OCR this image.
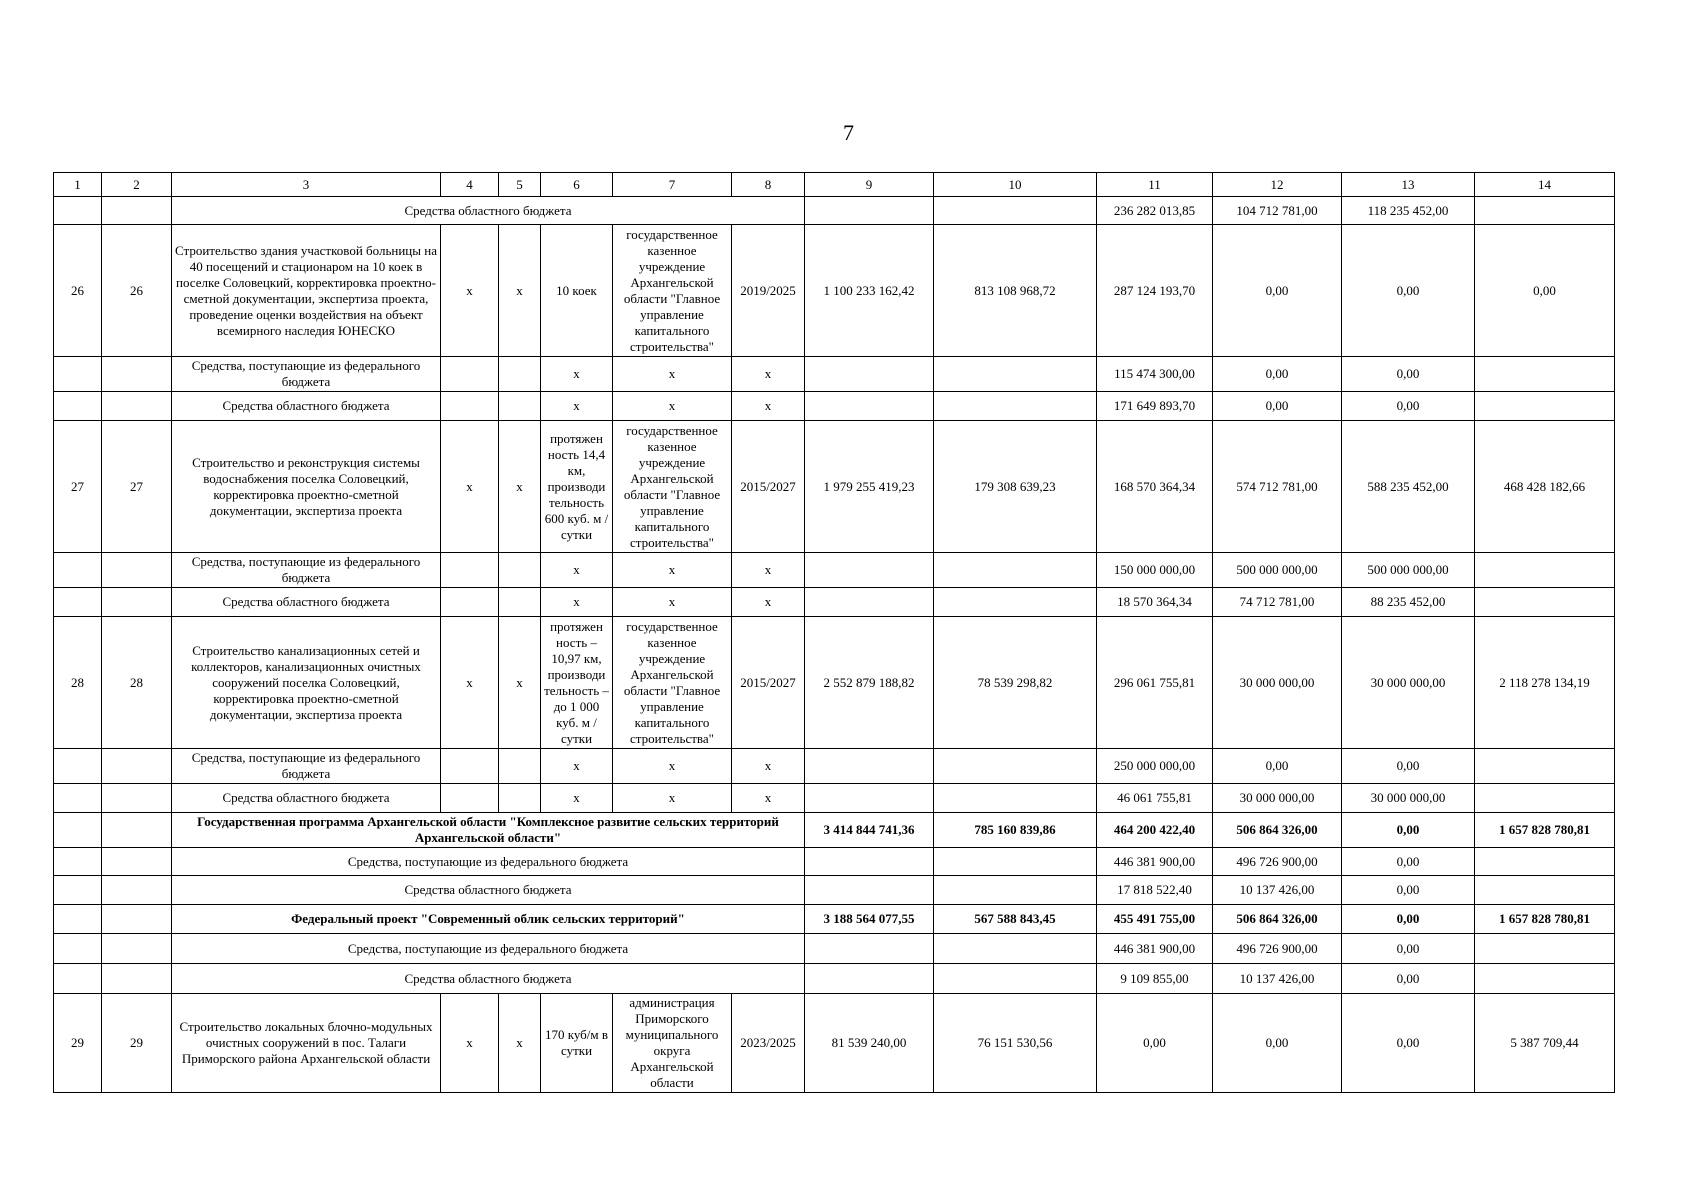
7
1	2	3	4	5	6	7	8	9	10	11	12	13	14
		Средства областного бюджета								236 282 013,85	104 712 781,00	118 235 452,00	
26	26	Строительство здания участковой больницы на 40 посещений и стационаром на 10 коек в поселке Соловецкий, корректировка проектно-сметной документации, экспертиза проекта, проведение оценки воздействия на объект всемирного наследия ЮНЕСКО	x	x	10 коек	государственное казенное учреждение Архангельской области "Главное управление капитального строительства"	2019/2025	1 100 233 162,42	813 108 968,72	287 124 193,70	0,00	0,00	0,00
		Средства, поступающие из федерального бюджета			x	x	x			115 474 300,00	0,00	0,00	
		Средства областного бюджета			x	x	x			171 649 893,70	0,00	0,00	
27	27	Строительство и реконструкция системы водоснабжения поселка Соловецкий, корректировка проектно-сметной документации, экспертиза проекта	x	x	протяжен ность 14,4 км, производи тельность 600 куб. м / сутки	государственное казенное учреждение Архангельской области "Главное управление капитального строительства"	2015/2027	1 979 255 419,23	179 308 639,23	168 570 364,34	574 712 781,00	588 235 452,00	468 428 182,66
		Средства, поступающие из федерального бюджета			x	x	x			150 000 000,00	500 000 000,00	500 000 000,00	
		Средства областного бюджета			x	x	x			18 570 364,34	74 712 781,00	88 235 452,00	
28	28	Строительство канализационных сетей и коллекторов, канализационных очистных сооружений поселка Соловецкий, корректировка проектно-сметной документации, экспертиза проекта	x	x	протяжен ность – 10,97 км, производи тельность – до 1 000 куб. м / сутки	государственное казенное учреждение Архангельской области "Главное управление капитального строительства"	2015/2027	2 552 879 188,82	78 539 298,82	296 061 755,81	30 000 000,00	30 000 000,00	2 118 278 134,19
		Средства, поступающие из федерального бюджета			x	x	x			250 000 000,00	0,00	0,00	
		Средства областного бюджета			x	x	x			46 061 755,81	30 000 000,00	30 000 000,00	
		Государственная программа Архангельской области "Комплексное развитие сельских территорий Архангельской области"						3 414 844 741,36	785 160 839,86	464 200 422,40	506 864 326,00	0,00	1 657 828 780,81
		Средства, поступающие из федерального бюджета								446 381 900,00	496 726 900,00	0,00	
		Средства областного бюджета								17 818 522,40	10 137 426,00	0,00	
		Федеральный проект "Современный облик сельских территорий"						3 188 564 077,55	567 588 843,45	455 491 755,00	506 864 326,00	0,00	1 657 828 780,81
		Средства, поступающие из федерального бюджета								446 381 900,00	496 726 900,00	0,00	
		Средства областного бюджета								9 109 855,00	10 137 426,00	0,00	
29	29	Строительство локальных блочно-модульных очистных сооружений в пос. Талаги Приморского района Архангельской области	x	x	170 куб/м в сутки	администрация Приморского муниципального округа Архангельской области	2023/2025	81 539 240,00	76 151 530,56	0,00	0,00	0,00	5 387 709,44
